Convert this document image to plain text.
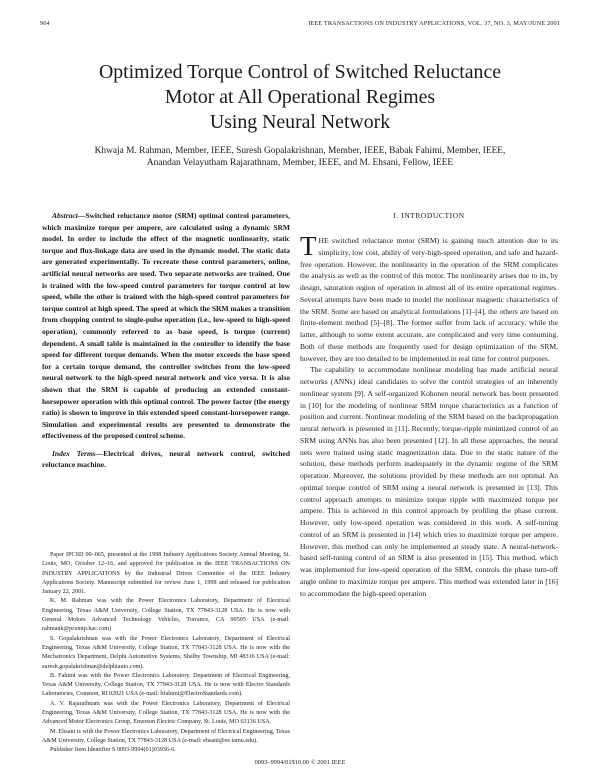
904	IEEE TRANSACTIONS ON INDUSTRY APPLICATIONS, VOL. 37, NO. 3, MAY/JUNE 2001
Optimized Torque Control of Switched Reluctance
Motor at All Operational Regimes
Using Neural Network
Khwaja M. Rahman, Member, IEEE, Suresh Gopalakrishnan, Member, IEEE, Babak Fahimi, Member, IEEE,
Anandan Velayutham Rajarathnam, Member, IEEE, and M. Ehsani, Fellow, IEEE

Abstract—Switched reluctance motor (SRM) optimal control parameters, which maximize torque per ampere, are calculated using a dynamic SRM model. In order to include the effect of the magnetic nonlinearity, static torque and flux-linkage data are used in the dynamic model. The static data are generated experimentally. To recreate these control parameters, online, artificial neural networks are used. Two separate networks are trained. One is trained with the low-speed control parameters for torque control at low speed, while the other is trained with the high-speed control parameters for torque control at high speed. The speed at which the SRM makes a transition from chopping control to single-pulse operation (i.e., low-speed to high-speed operation), commonly referred to as base speed, is torque (current) dependent. A small table is maintained in the controller to identify the base speed for different torque demands. When the motor exceeds the base speed for a certain torque demand, the controller switches from the low-speed neural network to the high-speed neural network and vice versa. It is also shown that the SRM is capable of producing an extended constant-horsepower operation with this optimal control. The power factor (the energy ratio) is shown to improve in this extended speed constant-horsepower range. Simulation and experimental results are presented to demonstrate the effectiveness of the proposed control scheme.

Index Terms—Electrical drives, neural network control, switched reluctance machine.

Paper IPCSD 00–065, presented at the 1998 Industry Applications Society Annual Meeting, St. Louis, MO, October 12–16, and approved for publication in the IEEE TRANSACTIONS ON INDUSTRY APPLICATIONS by the Industrial Drives Committee of the IEEE Industry Applications Society. Manuscript submitted for review June 1, 1998 and released for publication January 22, 2001.

K. M. Rahman was with the Power Electronics Laboratory, Department of Electrical Engineering, Texas A&M University, College Station, TX 77843-3128 USA. He is now with General Motors Advanced Technology Vehicles, Torrance, CA 90505 USA (e-mail: rahmank@pcsmtp.hac.com)

S. Gopalakrishnan was with the Power Electronics Laboratory, Department of Electrical Engineering, Texas A&M University, College Station, TX 77843-3128 USA. He is now with the Mechatronics Department, Delphi Automotive Systems, Shelby Township, MI 48316 USA (e-mail: suresh.gopalakrishnan@delphiauto.com).

B. Fahimi was with the Power Electronics Laboratory, Department of Electrical Engineering, Texas A&M University, College Station, TX 77843-3128 USA. He is now with Electro Standards Laboratories, Cranston, RI 02921 USA (e-mail: bfahimi@ElectroStandards.com).

A. V. Rajarathnam was with the Power Electronics Laboratory, Department of Electrical Engineering, Texas A&M University, College Station, TX 77843-3128 USA. He is now with the Advanced Motor Electronics Group, Emerson Electric Company, St. Louis, MO 63136 USA.

M. Ehsani is with the Power Electronics Laboratory, Department of Electrical Engineering, Texas A&M University, College Station, TX 77843-3128 USA (e-mail: ehsani@ee.tamu.edu).

Publisher Item Identifier S 0093-9994(01)03936-6.

I. INTRODUCTION

THE switched reluctance motor (SRM) is gaining much attention due to its simplicity, low cost, ability of very-high-speed operation, and safe and hazard-free operation. However, the nonlinearity in the operation of the SRM complicates the analysis as well as the control of this motor. The nonlinearity arises due to its, by design, saturation region of operation in almost all of its entire operational regimes. Several attempts have been made to model the nonlinear magnetic characteristics of the SRM. Some are based on analytical formulations [1]–[4], the others are based on finite-element method [5]–[8]. The former suffer from lack of accuracy, while the latter, although to some extent accurate, are complicated and very time consuming. Both of these methods are frequently used for design optimization of the SRM, however, they are too detailed to be implemented in real time for control purposes.

The capability to accommodate nonlinear modeling has made artificial neural networks (ANNs) ideal candidates to solve the control strategies of an inherently nonlinear system [9]. A self-organized Kohonen neural network has been presented in [10] for the modeling of nonlinear SRM torque characteristics as a function of position and current. Nonlinear modeling of the SRM based on the backpropagation neural network is presented in [11]. Recently, torque-ripple minimized control of an SRM using ANNs has also been presented [12]. In all these approaches, the neural nets were trained using static magnetization data. Due to the static nature of the solution, these methods perform inadequately in the dynamic regime of the SRM operation. Moreover, the solutions provided by these methods are not optimal. An optimal torque control of SRM using a neural network is presented in [13]. This control approach attempts to minimize torque ripple with maximized torque per ampere. This is achieved in this control approach by profiling the phase current. However, only low-speed operation was considered in this work. A self-tuning control of an SRM is presented in [14] which tries to maximize torque per ampere. However, this method can only be implemented at steady state. A neural-network-based self-tuning control of an SRM is also presented in [15]. This method, which was implemented for low-speed operation of the SRM, controls the phase turn-off angle online to maximize torque per ampere. This method was extended later in [16] to accommodate the high-speed operation

0093–9994/01$10.00 © 2001 IEEE
